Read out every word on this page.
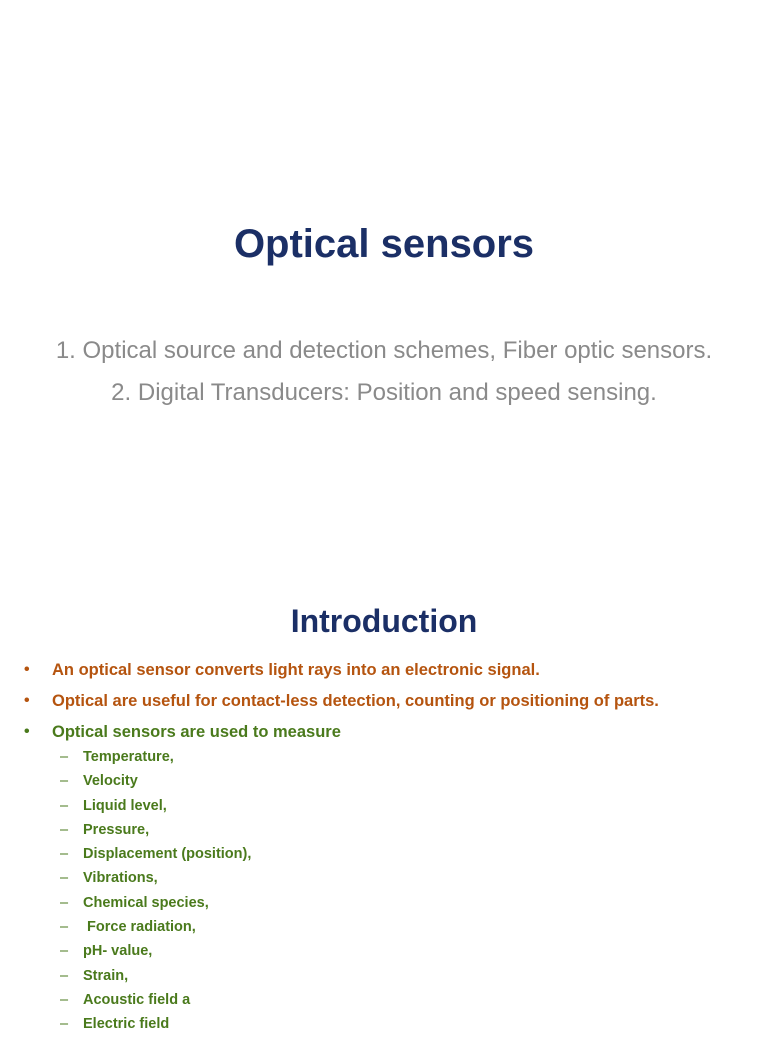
Optical sensors

1. Optical source and detection schemes, Fiber optic sensors.

2. Digital Transducers: Position and speed sensing.

Introduction
• An optical sensor converts light rays into an electronic signal.
• Optical are useful for contact-less detection, counting or positioning of parts.
• Optical sensors are used to measure
– Temperature,
– Velocity
– Liquid level,
– Pressure,
– Displacement (position),
– Vibrations,
– Chemical species,
– Force radiation,
– pH- value,
– Strain,
– Acoustic field a
– Electric field
